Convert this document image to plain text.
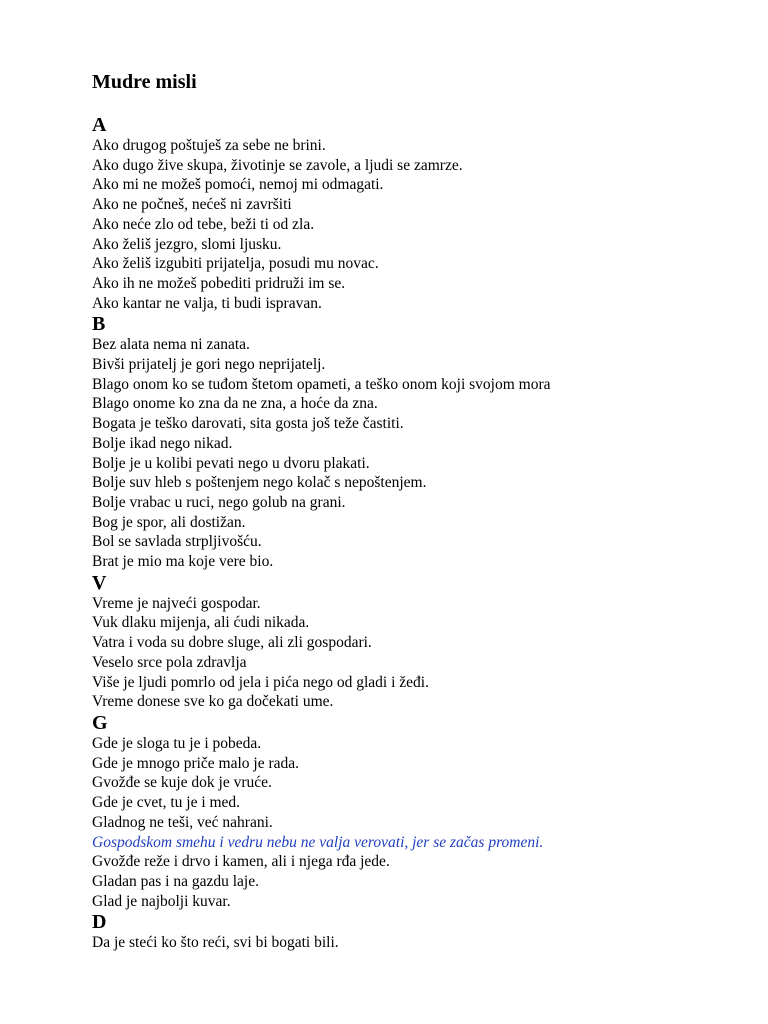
Mudre misli
A
Ako drugog poštuješ za sebe ne brini.
Ako dugo žive skupa, životinje se zavole, a ljudi se zamrze.
Ako mi ne možeš pomoći, nemoj mi odmagati.
Ako ne počneš, nećeš ni završiti
Ako neće zlo od tebe, beži ti od zla.
Ako želiš jezgro, slomi ljusku.
Ako želiš izgubiti prijatelja, posudi mu novac.
Ako ih ne možeš pobediti pridruži im se.
Ako kantar ne valja, ti budi ispravan.
B
Bez alata nema ni zanata.
Bivši prijatelj je gori nego neprijatelj.
Blago onom ko se tuđom štetom opameti, a teško onom koji svojom mora
Blago onome ko zna da ne zna, a hoće da zna.
Bogata je teško darovati, sita gosta još teže častiti.
Bolje ikad nego nikad.
Bolje je u kolibi pevati nego u dvoru plakati.
Bolje suv hleb s poštenjem nego kolač s nepoštenjem.
Bolje vrabac u ruci, nego golub na grani.
Bog je spor, ali dostižan.
Bol se savlada strpljivošću.
Brat je mio ma koje vere bio.
V
Vreme je najveći gospodar.
Vuk dlaku mijenja, ali ćudi nikada.
Vatra i voda su dobre sluge, ali zli gospodari.
Veselo srce pola zdravlja
Više je ljudi pomrlo od jela i pića nego od gladi i žeđi.
Vreme donese sve ko ga dočekati ume.
G
Gde je sloga tu je i pobeda.
Gde je mnogo priče malo je rada.
Gvožđe se kuje dok je vruće.
Gde je cvet, tu je i med.
Gladnog ne teši, već nahrani.
Gospodskom smehu i vedru nebu ne valja verovati, jer se začas promeni.
Gvožđe reže i drvo i kamen, ali i njega rđa jede.
Gladan pas i na gazdu laje.
Glad je najbolji kuvar.
D
Da je steći ko što reći, svi bi bogati bili.
